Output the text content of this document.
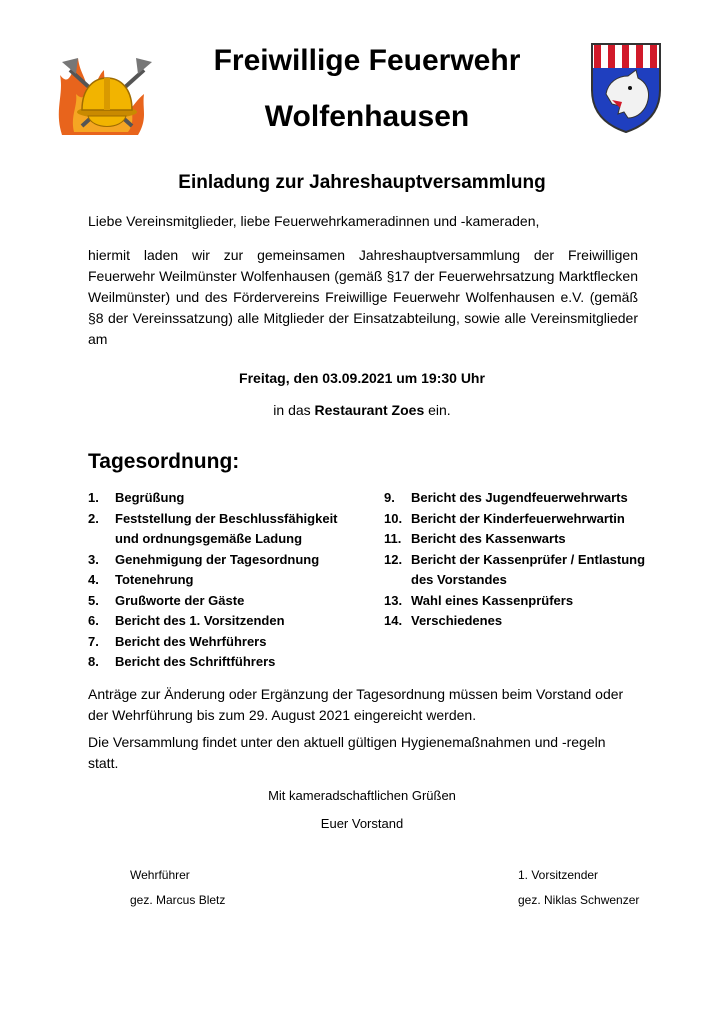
Freiwillige Feuerwehr
Wolfenhausen
Einladung zur Jahreshauptversammlung
Liebe Vereinsmitglieder, liebe Feuerwehrkameradinnen und -kameraden,
hiermit laden wir zur gemeinsamen Jahreshauptversammlung der Freiwilligen Feuerwehr Weilmünster Wolfenhausen (gemäß §17 der Feuerwehrsatzung Marktflecken Weilmünster) und des Fördervereins Freiwillige Feuerwehr Wolfenhausen e.V. (gemäß §8 der Vereinssatzung) alle Mitglieder der Einsatzabteilung, sowie alle Vereinsmitglieder am
Freitag, den 03.09.2021 um 19:30 Uhr
in das Restaurant Zoes ein.
Tagesordnung:
1.	Begrüßung
2.	Feststellung der Beschlussfähigkeit und ordnungsgemäße Ladung
3.	Genehmigung der Tagesordnung
4.	Totenehrung
5.	Grußworte der Gäste
6.	Bericht des 1. Vorsitzenden
7.	Bericht des Wehrführers
8.	Bericht des Schriftführers
9.	Bericht des Jugendfeuerwehrwarts
10. Bericht der Kinderfeuerwehrwartin
11. Bericht des Kassenwarts
12. Bericht der Kassenprüfer / Entlastung des Vorstandes
13. Wahl eines Kassenprüfers
14. Verschiedenes
Anträge zur Änderung oder Ergänzung der Tagesordnung müssen beim Vorstand oder der Wehrführung bis zum 29. August 2021 eingereicht werden.
Die Versammlung findet unter den aktuell gültigen Hygienemaßnahmen und -regeln statt.
Mit kameradschaftlichen Grüßen
Euer Vorstand
Wehrführer
gez. Marcus Bletz
1. Vorsitzender
gez. Niklas Schwenzer
